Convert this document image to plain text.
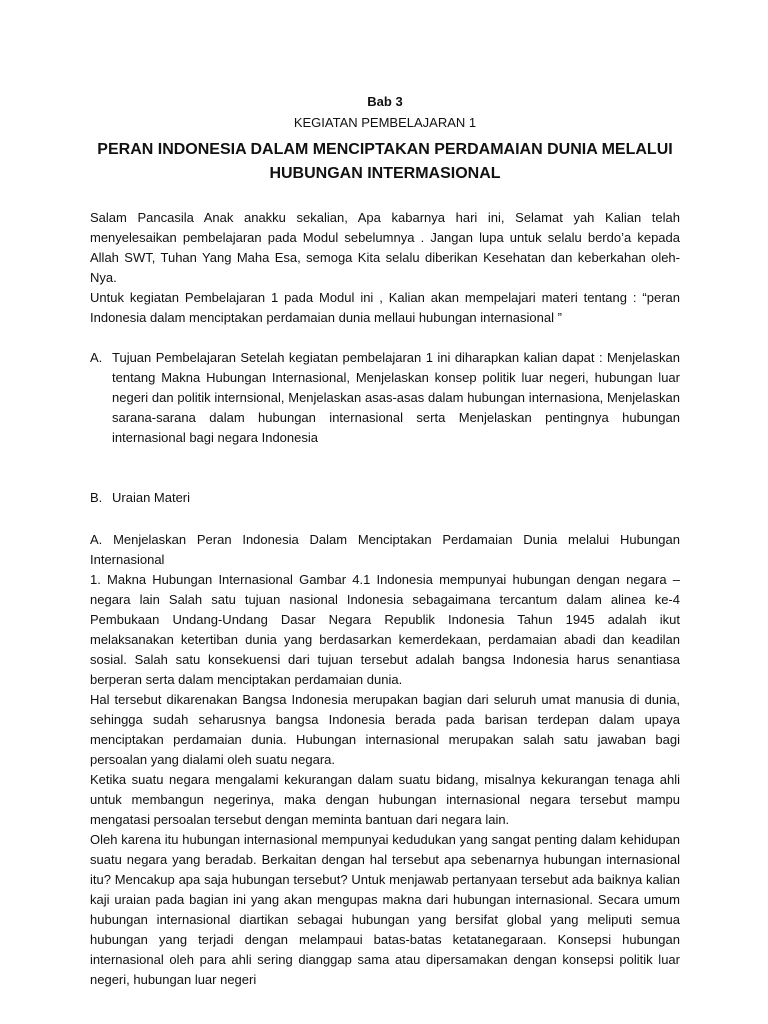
Bab 3

KEGIATAN PEMBELAJARAN 1

PERAN INDONESIA DALAM MENCIPTAKAN PERDAMAIAN DUNIA MELALUI
HUBUNGAN INTERMASIONAL

Salam Pancasila Anak anakku sekalian, Apa kabarnya hari ini, Selamat yah Kalian telah menyelesaikan pembelajaran pada Modul sebelumnya . Jangan lupa untuk selalu berdo’a kepada Allah SWT, Tuhan Yang Maha Esa, semoga Kita selalu diberikan Kesehatan dan keberkahan oleh-Nya.

Untuk kegiatan Pembelajaran 1 pada Modul ini , Kalian akan mempelajari materi tentang : “peran Indonesia dalam menciptakan perdamaian dunia mellaui hubungan internasional ”

A. Tujuan Pembelajaran Setelah kegiatan pembelajaran 1 ini diharapkan kalian dapat : Menjelaskan tentang Makna Hubungan Internasional, Menjelaskan konsep politik luar negeri, hubungan luar negeri dan politik internsional, Menjelaskan asas-asas dalam hubungan internasiona, Menjelaskan sarana-sarana dalam hubungan internasional serta Menjelaskan pentingnya hubungan internasional bagi negara Indonesia
B. Uraian Materi

A. Menjelaskan Peran Indonesia Dalam Menciptakan Perdamaian Dunia melalui Hubungan Internasional

1. Makna Hubungan Internasional Gambar 4.1 Indonesia mempunyai hubungan dengan negara – negara lain Salah satu tujuan nasional Indonesia sebagaimana tercantum dalam alinea ke-4 Pembukaan Undang-Undang Dasar Negara Republik Indonesia Tahun 1945 adalah ikut melaksanakan ketertiban dunia yang berdasarkan kemerdekaan, perdamaian abadi dan keadilan sosial. Salah satu konsekuensi dari tujuan tersebut adalah bangsa Indonesia harus senantiasa berperan serta dalam menciptakan perdamaian dunia.

Hal tersebut dikarenakan Bangsa Indonesia merupakan bagian dari seluruh umat manusia di dunia, sehingga sudah seharusnya bangsa Indonesia berada pada barisan terdepan dalam upaya menciptakan perdamaian dunia. Hubungan internasional merupakan salah satu jawaban bagi persoalan yang dialami oleh suatu negara.

Ketika suatu negara mengalami kekurangan dalam suatu bidang, misalnya kekurangan tenaga ahli untuk membangun negerinya, maka dengan hubungan internasional negara tersebut mampu mengatasi persoalan tersebut dengan meminta bantuan dari negara lain.

Oleh karena itu hubungan internasional mempunyai kedudukan yang sangat penting dalam kehidupan suatu negara yang beradab. Berkaitan dengan hal tersebut apa sebenarnya hubungan internasional itu? Mencakup apa saja hubungan tersebut? Untuk menjawab pertanyaan tersebut ada baiknya kalian kaji uraian pada bagian ini yang akan mengupas makna dari hubungan internasional. Secara umum hubungan internasional diartikan sebagai hubungan yang bersifat global yang meliputi semua hubungan yang terjadi dengan melampaui batas-batas ketatanegaraan. Konsepsi hubungan internasional oleh para ahli sering dianggap sama atau dipersamakan dengan konsepsi politik luar negeri, hubungan luar negeri
